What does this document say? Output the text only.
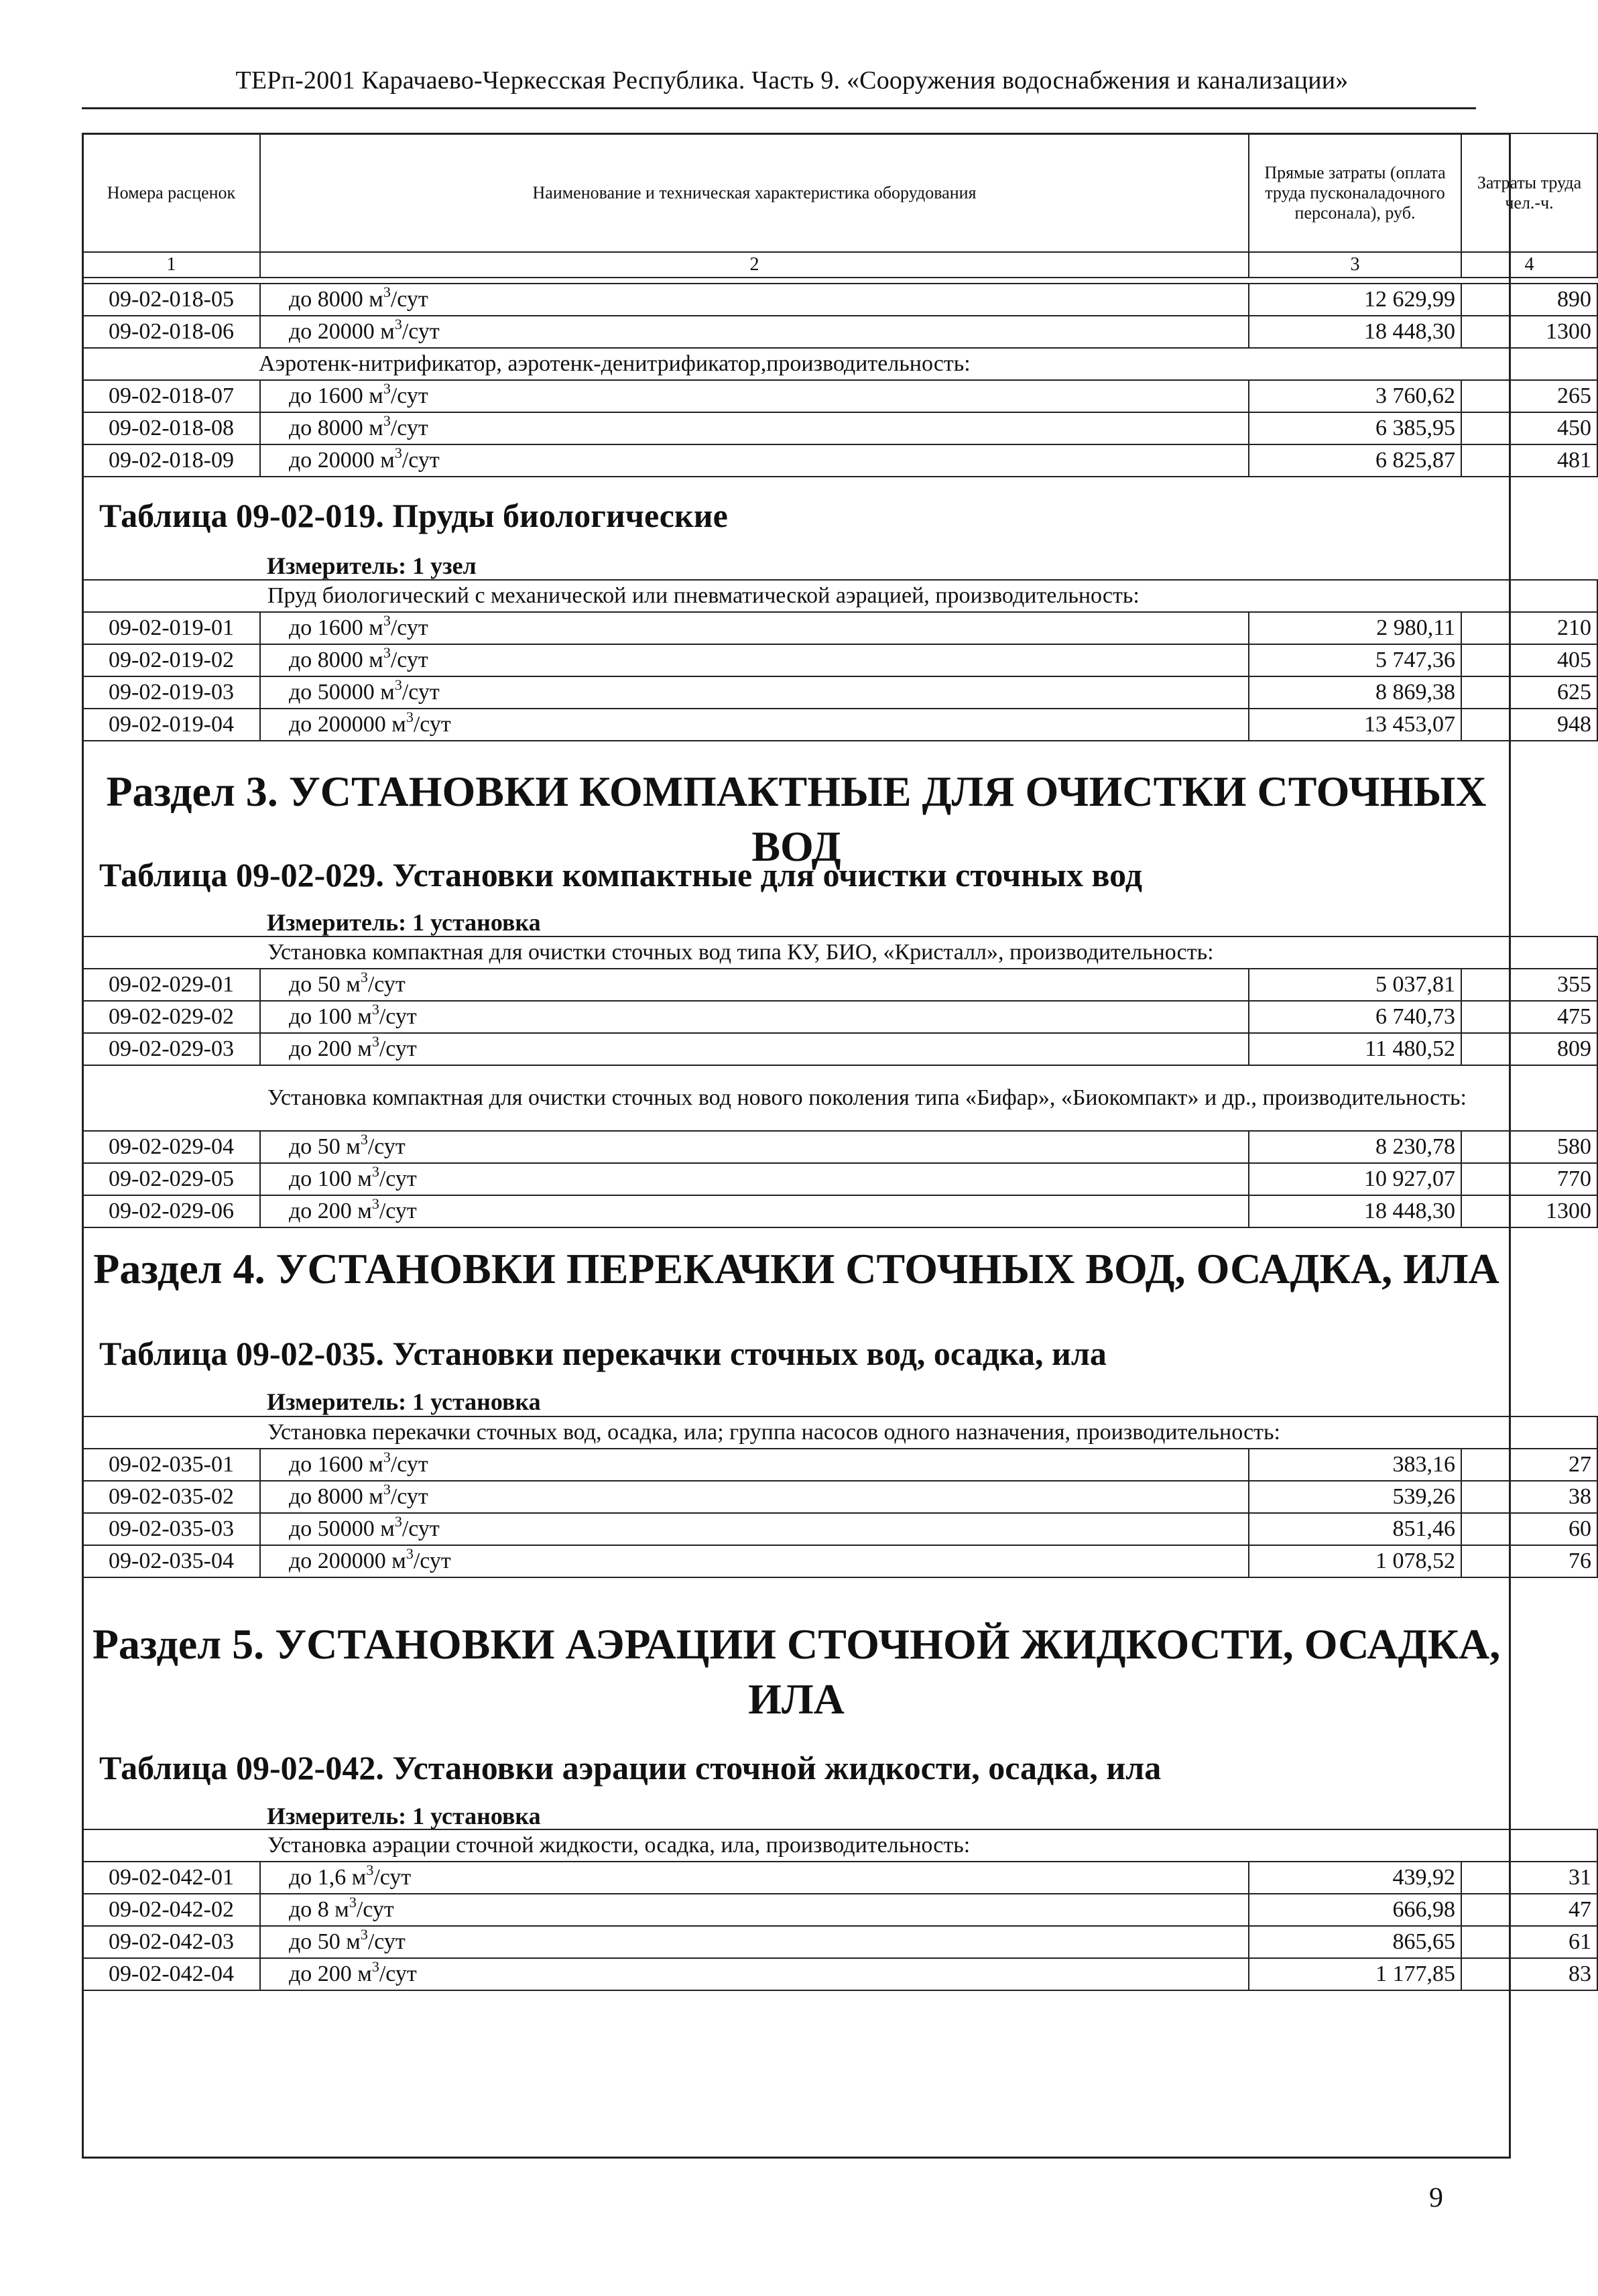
ТЕРп-2001 Карачаево-Черкесская Республика. Часть 9. «Сооружения водоснабжения и канализации»
Номера расценок	Наименование и техническая характеристика оборудования	Прямые затраты (оплата труда пусконаладочного персонала), руб.	Затраты труда чел.-ч.
1	2	3	4
09-02-018-05	до 8000 $м^3$/сут	12 629,99	890
09-02-018-06	до 20000 $м^3$/сут	18 448,30	1300
Аэротенк-нитрификатор, аэротенк-денитрификатор,производительность:			
09-02-018-07	до 1600 $м^3$/сут	3 760,62	265
09-02-018-08	до 8000 $м^3$/сут	6 385,95	450
09-02-018-09	до 20000 $м^3$/сут	6 825,87	481
Таблица 09-02-019. Пруды биологические
Измеритель: 1 узел
Пруд биологический с механической или пневматической аэрацией, производительность:			
09-02-019-01	до 1600 $м^3$/сут	2 980,11	210
09-02-019-02	до 8000 $м^3$/сут	5 747,36	405
09-02-019-03	до 50000 $м^3$/сут	8 869,38	625
09-02-019-04	до 200000 $м^3$/сут	13 453,07	948
Раздел 3. УСТАНОВКИ КОМПАКТНЫЕ ДЛЯ ОЧИСТКИ СТОЧНЫХ ВОД
Таблица 09-02-029. Установки компактные для очистки сточных вод
Измеритель: 1 установка
Установка компактная для очистки сточных вод типа КУ, БИО, «Кристалл», производительность:			
09-02-029-01	до 50 $м^3$/сут	5 037,81	355
09-02-029-02	до 100 $м^3$/сут	6 740,73	475
09-02-029-03	до 200 $м^3$/сут	11 480,52	809
Установка компактная для очистки сточных вод нового поколения типа «Бифар», «Биокомпакт» и др., производительность:			
09-02-029-04	до 50 $м^3$/сут	8 230,78	580
09-02-029-05	до 100 $м^3$/сут	10 927,07	770
09-02-029-06	до 200 $м^3$/сут	18 448,30	1300
Раздел 4. УСТАНОВКИ ПЕРЕКАЧКИ СТОЧНЫХ ВОД, ОСАДКА, ИЛА
Таблица 09-02-035. Установки перекачки сточных вод, осадка, ила
Измеритель: 1 установка
Установка перекачки сточных вод, осадка, ила; группа насосов одного назначения, производительность:			
09-02-035-01	до 1600 $м^3$/сут	383,16	27
09-02-035-02	до 8000 $м^3$/сут	539,26	38
09-02-035-03	до 50000 $м^3$/сут	851,46	60
09-02-035-04	до 200000 $м^3$/сут	1 078,52	76
Раздел 5. УСТАНОВКИ АЭРАЦИИ СТОЧНОЙ ЖИДКОСТИ, ОСАДКА,
ИЛА
Таблица 09-02-042. Установки аэрации сточной жидкости, осадка, ила
Измеритель: 1 установка
Установка аэрации сточной жидкости, осадка, ила, производительность:			
09-02-042-01	до 1,6 $м^3$/сут	439,92	31
09-02-042-02	до 8 $м^3$/сут	666,98	47
09-02-042-03	до 50 $м^3$/сут	865,65	61
09-02-042-04	до 200 $м^3$/сут	1 177,85	83
9
